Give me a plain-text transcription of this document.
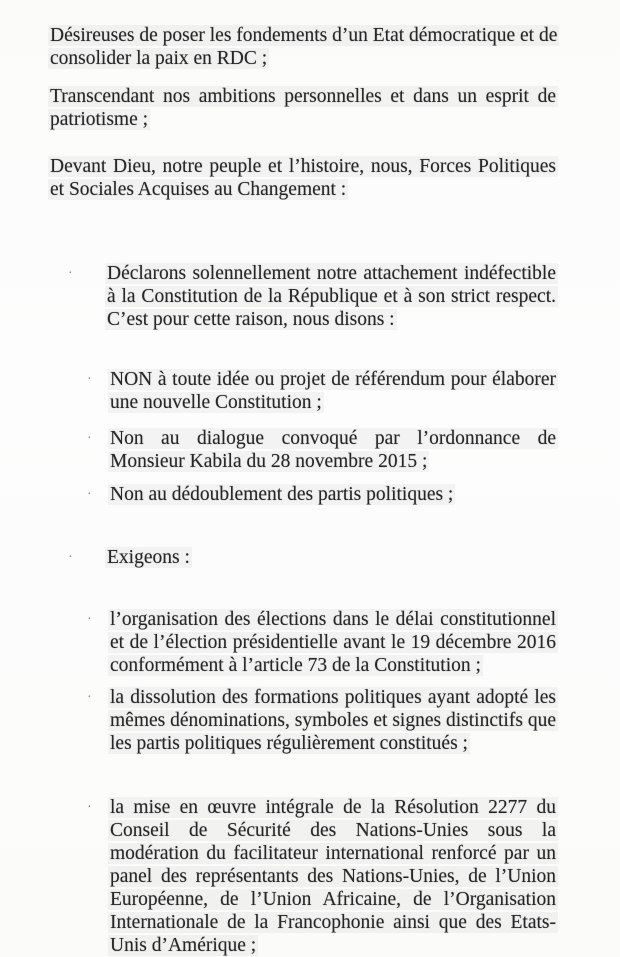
Désireuses de poser les fondements d’un Etat démocratique et de consolider la paix en RDC ;

Transcendant nos ambitions personnelles et dans un esprit de patriotisme ;

Devant Dieu, notre peuple et l’histoire, nous, Forces Politiques et Sociales Acquises au Changement :

· Déclarons solennellement notre attachement indéfectible à la Constitution de la République et à son strict respect. C’est pour cette raison, nous disons :

· NON à toute idée ou projet de référendum pour élaborer une nouvelle Constitution ;

· Non au dialogue convoqué par l’ordonnance de Monsieur Kabila du 28 novembre 2015 ;

· Non au dédoublement des partis politiques ;

· Exigeons :

· l’organisation des élections dans le délai constitutionnel et de l’élection présidentielle avant le 19 décembre 2016 conformément à l’article 73 de la Constitution ;

· la dissolution des formations politiques ayant adopté les mêmes dénominations, symboles et signes distinctifs que les partis politiques régulièrement constitués ;

· la mise en œuvre intégrale de la Résolution 2277 du Conseil de Sécurité des Nations-Unies sous la modération du facilitateur international renforcé par un panel des représentants des Nations-Unies, de l’Union Européenne, de l’Union Africaine, de l’Organisation Internationale de la Francophonie ainsi que des Etats-Unis d’Amérique ;
